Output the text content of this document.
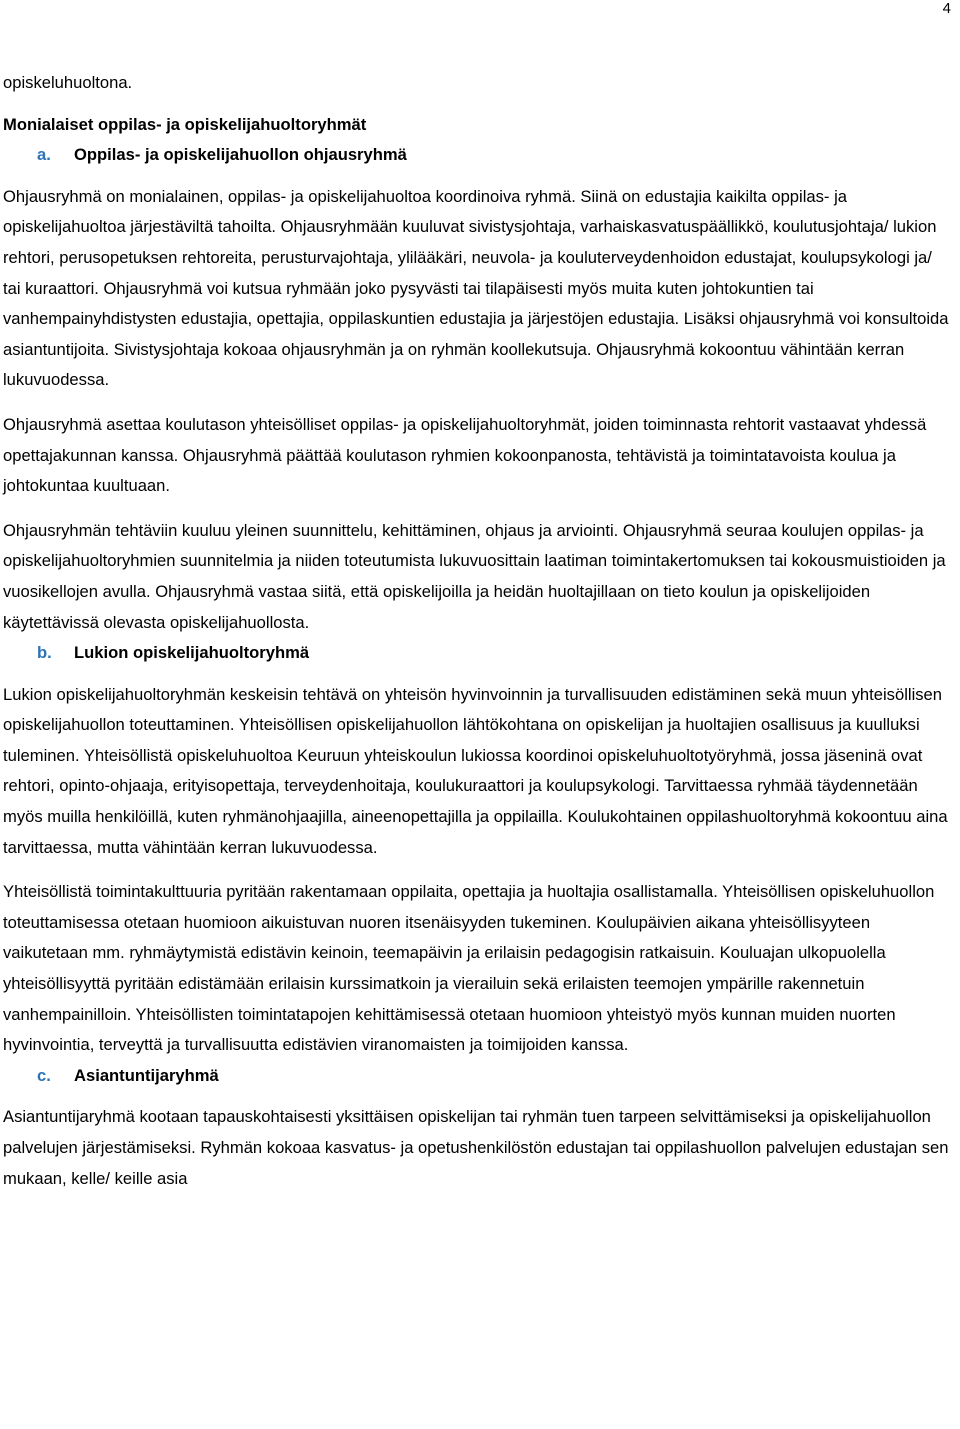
4

opiskeluhuoltona.

Monialaiset oppilas- ja opiskelijahuoltoryhmät

a. Oppilas- ja opiskelijahuollon ohjausryhmä

Ohjausryhmä on monialainen, oppilas- ja opiskelijahuoltoa koordinoiva ryhmä. Siinä on edustajia kaikilta oppilas- ja opiskelijahuoltoa järjestäviltä tahoilta. Ohjausryhmään kuuluvat sivistysjohtaja, varhaiskasvatuspäällikkö, koulutusjohtaja/ lukion rehtori, perusopetuksen rehtoreita, perusturvajohtaja, ylilääkäri, neuvola- ja kouluterveydenhoidon edustajat, koulupsykologi ja/ tai kuraattori. Ohjausryhmä voi kutsua ryhmään joko pysyvästi tai tilapäisesti myös muita kuten johtokuntien tai vanhempainyhdistysten edustajia, opettajia, oppilaskuntien edustajia ja järjestöjen edustajia. Lisäksi ohjausryhmä voi konsultoida asiantuntijoita. Sivistysjohtaja kokoaa ohjausryhmän ja on ryhmän koollekutsuja. Ohjausryhmä kokoontuu vähintään kerran lukuvuodessa.

Ohjausryhmä asettaa koulutason yhteisölliset oppilas- ja opiskelijahuoltoryhmät, joiden toiminnasta rehtorit vastaavat yhdessä opettajakunnan kanssa. Ohjausryhmä päättää koulutason ryhmien kokoonpanosta, tehtävistä ja toimintatavoista koulua ja johtokuntaa kuultuaan.

Ohjausryhmän tehtäviin kuuluu yleinen suunnittelu, kehittäminen, ohjaus ja arviointi. Ohjausryhmä seuraa koulujen oppilas- ja opiskelijahuoltoryhmien suunnitelmia ja niiden toteutumista lukuvuosittain laatiman toimintakertomuksen tai kokousmuistioiden ja vuosikellojen avulla. Ohjausryhmä vastaa siitä, että opiskelijoilla ja heidän huoltajillaan on tieto koulun ja opiskelijoiden käytettävissä olevasta opiskelijahuollosta.

b. Lukion opiskelijahuoltoryhmä

Lukion opiskelijahuoltoryhmän keskeisin tehtävä on yhteisön hyvinvoinnin ja turvallisuuden edistäminen sekä muun yhteisöllisen opiskelijahuollon toteuttaminen. Yhteisöllisen opiskelijahuollon lähtökohtana on opiskelijan ja huoltajien osallisuus ja kuulluksi tuleminen. Yhteisöllistä opiskeluhuoltoa Keuruun yhteiskoulun lukiossa koordinoi opiskeluhuoltotyöryhmä, jossa jäseninä ovat rehtori, opinto-ohjaaja, erityisopettaja, terveydenhoitaja, koulukuraattori ja koulupsykologi. Tarvittaessa ryhmää täydennetään myös muilla henkilöillä, kuten ryhmänohjaajilla, aineenopettajilla ja oppilailla. Koulukohtainen oppilashuoltoryhmä kokoontuu aina tarvittaessa, mutta vähintään kerran lukuvuodessa.

Yhteisöllistä toimintakulttuuria pyritään rakentamaan oppilaita, opettajia ja huoltajia osallistamalla. Yhteisöllisen opiskeluhuollon toteuttamisessa otetaan huomioon aikuistuvan nuoren itsenäisyyden tukeminen. Koulupäivien aikana yhteisöllisyyteen vaikutetaan mm. ryhmäytymistä edistävin keinoin, teemapäivin ja erilaisin pedagogisin ratkaisuin. Kouluajan ulkopuolella yhteisöllisyyttä pyritään edistämään erilaisin kurssimatkoin ja vierailuin sekä erilaisten teemojen ympärille rakennetuin vanhempainilloin. Yhteisöllisten toimintatapojen kehittämisessä otetaan huomioon yhteistyö myös kunnan muiden nuorten hyvinvointia, terveyttä ja turvallisuutta edistävien viranomaisten ja toimijoiden kanssa.

c. Asiantuntijaryhmä

Asiantuntijaryhmä kootaan tapauskohtaisesti yksittäisen opiskelijan tai ryhmän tuen tarpeen selvittämiseksi ja opiskelijahuollon palvelujen järjestämiseksi. Ryhmän kokoaa kasvatus- ja opetushenkilöstön edustajan tai oppilashuollon palvelujen edustajan sen mukaan, kelle/ keille asia
